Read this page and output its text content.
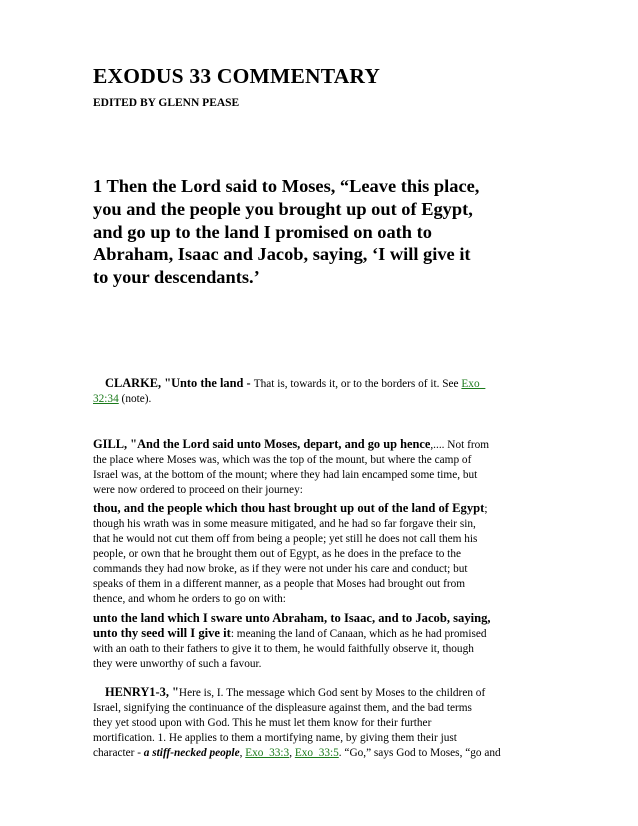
EXODUS 33 COMMENTARY
EDITED BY GLENN PEASE
1 Then the Lord said to Moses, “Leave this place,
you and the people you brought up out of Egypt,
and go up to the land I promised on oath to
Abraham, Isaac and Jacob, saying, ‘I will give it
to your descendants.’
CLARKE, "Unto the land - That is, towards it, or to the borders of it. See Exo_
32:34 (note).
GILL, "And the Lord said unto Moses, depart, and go up hence,.... Not from
the place where Moses was, which was the top of the mount, but where the camp of
Israel was, at the bottom of the mount; where they had lain encamped some time, but
were now ordered to proceed on their journey:
thou, and the people which thou hast brought up out of the land of Egypt;
though his wrath was in some measure mitigated, and he had so far forgave their sin,
that he would not cut them off from being a people; yet still he does not call them his
people, or own that he brought them out of Egypt, as he does in the preface to the
commands they had now broke, as if they were not under his care and conduct; but
speaks of them in a different manner, as a people that Moses had brought out from
thence, and whom he orders to go on with:
unto the land which I sware unto Abraham, to Isaac, and to Jacob, saying,
unto thy seed will I give it: meaning the land of Canaan, which as he had promised
with an oath to their fathers to give it to them, he would faithfully observe it, though
they were unworthy of such a favour.
HENRY1-3, "Here is, I. The message which God sent by Moses to the children of
Israel, signifying the continuance of the displeasure against them, and the bad terms
they yet stood upon with God. This he must let them know for their further
mortification. 1. He applies to them a mortifying name, by giving them their just
character - a stiff-necked people, Exo_33:3, Exo_33:5. “Go,” says God to Moses, “go and
